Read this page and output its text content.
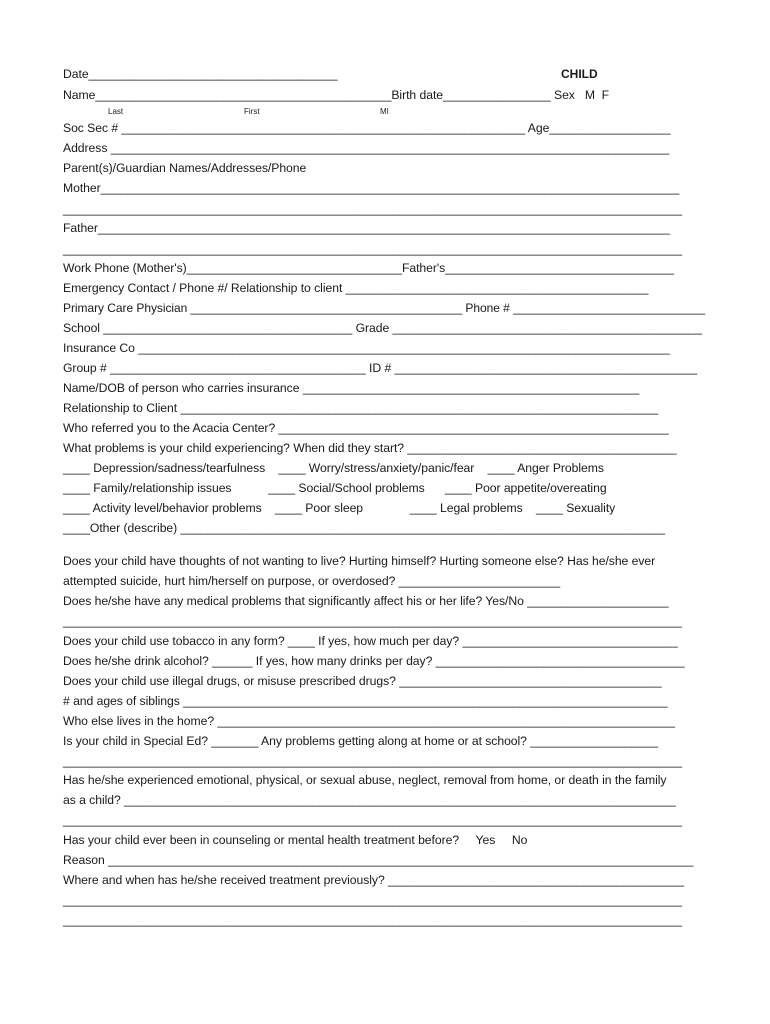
CHILD
Last	First	MI
Date_____________________________________
Name____________________________________________Birth date________________ Sex   M  F
Soc Sec # ____________________________________________________________ Age__________________
Address ___________________________________________________________________________________
Parent(s)/Guardian Names/Addresses/Phone
Mother______________________________________________________________________________________
____________________________________________________________________________________________
Father_____________________________________________________________________________________
____________________________________________________________________________________________
Work Phone (Mother's)________________________________Father's__________________________________
Emergency Contact / Phone #/ Relationship to client _____________________________________________
Primary Care Physician _________________________________________ Phone # _____________________________
School _____________________________________ Grade ______________________________________________
Insurance Co _______________________________________________________________________________
Group # ______________________________________ ID # _____________________________________________
Name/DOB of person who carries insurance __________________________________________________
Relationship to Client _______________________________________________________________________
Who referred you to the Acacia Center? __________________________________________________________
What problems is your child experiencing? When did they start? ________________________________________
____ Depression/sadness/tearfulness    ____ Worry/stress/anxiety/panic/fear    ____ Anger Problems
____ Family/relationship issues           ____ Social/School problems      ____ Poor appetite/overeating
____ Activity level/behavior problems    ____ Poor sleep              ____ Legal problems    ____ Sexuality
____Other (describe) ________________________________________________________________________
Does your child have thoughts of not wanting to live? Hurting himself? Hurting someone else? Has he/she ever
attempted suicide, hurt him/herself on purpose, or overdosed? ________________________
Does he/she have any medical problems that significantly affect his or her life? Yes/No _____________________
____________________________________________________________________________________________
Does your child use tobacco in any form? ____ If yes, how much per day? ________________________________
Does he/she drink alcohol? ______ If yes, how many drinks per day? _____________________________________
Does your child use illegal drugs, or misuse prescribed drugs? _______________________________________
# and ages of siblings ________________________________________________________________________
Who else lives in the home? ____________________________________________________________________
Is your child in Special Ed? _______ Any problems getting along at home or at school? ___________________
____________________________________________________________________________________________
Has he/she experienced emotional, physical, or sexual abuse, neglect, removal from home, or death in the family
as a child? __________________________________________________________________________________
____________________________________________________________________________________________
Has your child ever been in counseling or mental health treatment before?     Yes     No
Reason _______________________________________________________________________________________
Where and when has he/she received treatment previously? ____________________________________________
____________________________________________________________________________________________
____________________________________________________________________________________________
